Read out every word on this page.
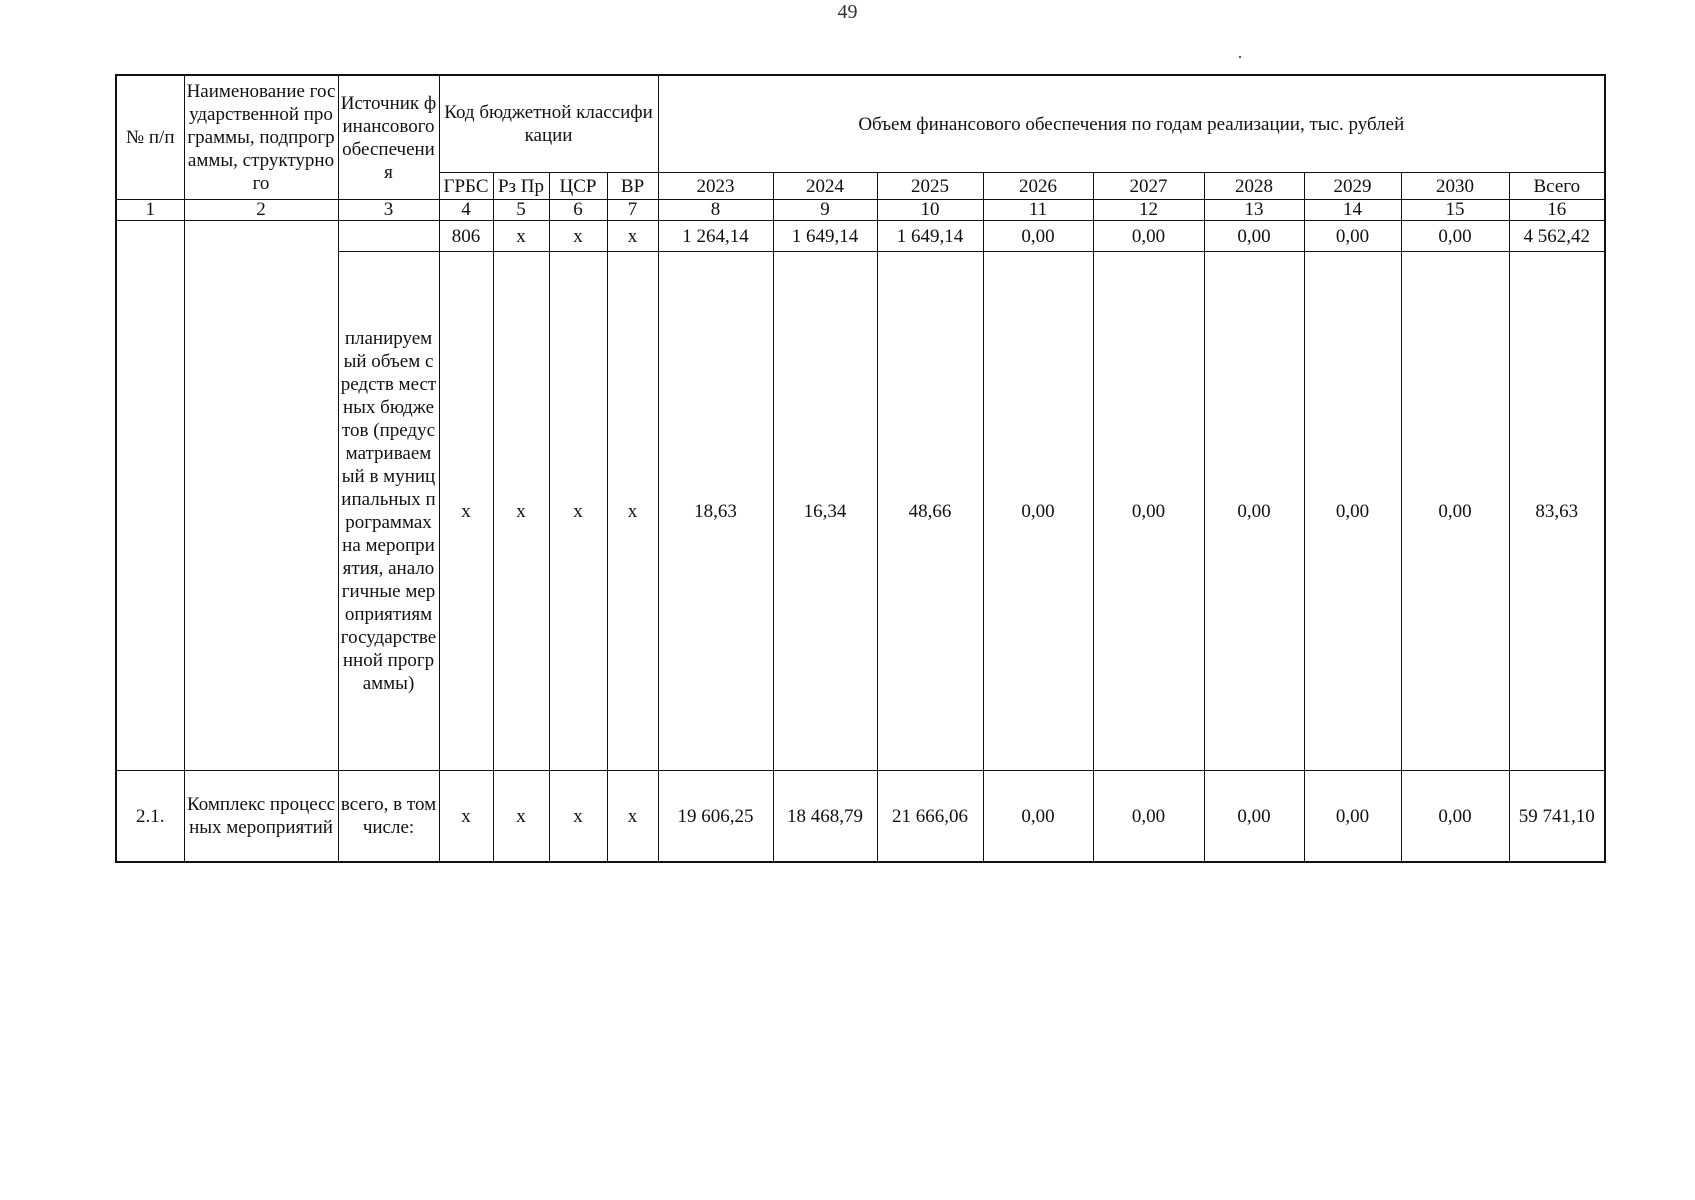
49
№ п/п	Наименование государственной программы, подпрограммы, структурного	Источник финансового обеспечения	Код бюджетной классификации				Объем финансового обеспечения по годам реализации, тыс. рублей								
			ГРБС	Рз Пр	ЦСР	ВР	2023	2024	2025	2026	2027	2028	2029	2030	Всего
1	2	3	4	5	6	7	8	9	10	11	12	13	14	15	16
			806	x	x	x	1 264,14	1 649,14	1 649,14	0,00	0,00	0,00	0,00	0,00	4 562,42
		планируемый объем средств местных бюджетов (предусматриваемый в муниципальных программах на мероприятия, аналогичные мероприятиям государственной программы)	x	x	x	x	18,63	16,34	48,66	0,00	0,00	0,00	0,00	0,00	83,63
2.1.	Комплекс процессных мероприятий	всего, в том числе:	x	x	x	x	19 606,25	18 468,79	21 666,06	0,00	0,00	0,00	0,00	0,00	59 741,10
